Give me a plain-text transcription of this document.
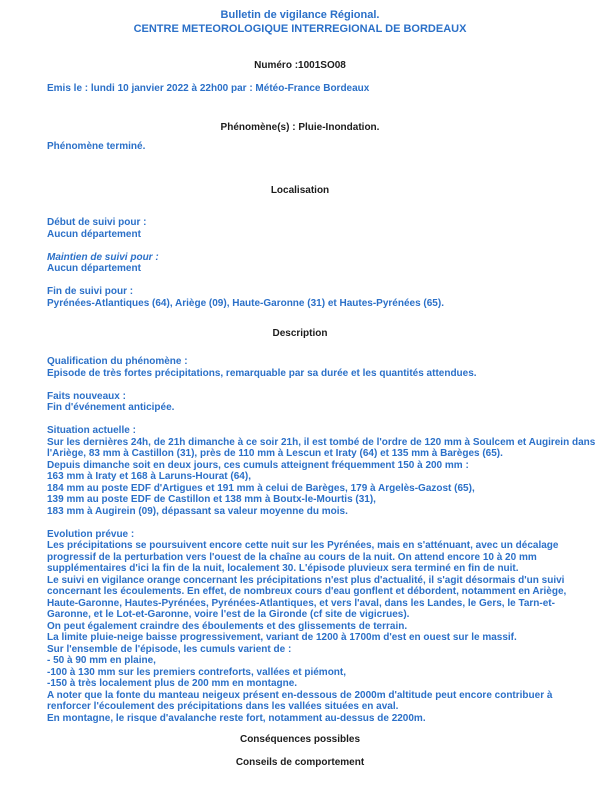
Bulletin de vigilance Régional.
CENTRE METEOROLOGIQUE INTERREGIONAL DE BORDEAUX
Numéro :1001SO08
Emis le : lundi 10 janvier 2022 à 22h00 par : Météo-France Bordeaux
Phénomène(s) : Pluie-Inondation.
Phénomène terminé.
Localisation
Début de suivi pour :
Aucun département
Maintien de suivi pour :
Aucun département
Fin de suivi pour :
Pyrénées-Atlantiques (64), Ariège (09), Haute-Garonne (31) et Hautes-Pyrénées (65).
Description
Qualification du phénomène :
Episode de très fortes précipitations, remarquable par sa durée et les quantités attendues.
Faits nouveaux :
Fin d'événement anticipée.
Situation actuelle :
Sur les dernières 24h, de 21h dimanche à ce soir 21h, il est tombé de l'ordre de 120 mm à Soulcem et Augirein dans
l'Ariège, 83 mm à Castillon (31), près de 110 mm à Lescun et Iraty (64) et 135 mm à Barèges (65).
Depuis dimanche soit en deux jours, ces cumuls atteignent fréquemment 150 à 200 mm :
163 mm à Iraty et 168 à Laruns-Hourat (64),
184 mm au poste EDF d'Artigues et 191 mm à celui de Barèges, 179 à Argelès-Gazost (65),
139 mm au poste EDF de Castillon et 138 mm à Boutx-le-Mourtis (31),
183 mm à Augirein (09), dépassant sa valeur moyenne du mois.
Evolution prévue :
Les précipitations se poursuivent encore cette nuit sur les Pyrénées, mais en s'atténuant, avec un décalage
progressif de la perturbation vers l'ouest de la chaîne au cours de la nuit. On attend encore 10 à 20 mm
supplémentaires d'ici la fin de la nuit, localement 30. L'épisode pluvieux sera terminé en fin de nuit.
Le suivi en vigilance orange concernant les précipitations n'est plus d'actualité, il s'agit désormais d'un suivi
concernant les écoulements. En effet, de nombreux cours d'eau gonflent et débordent, notamment en Ariège,
Haute-Garonne, Hautes-Pyrénées, Pyrénées-Atlantiques, et vers l'aval, dans les Landes, le Gers, le Tarn-et-
Garonne, et le Lot-et-Garonne, voire l'est de la Gironde (cf site de vigicrues).
On peut également craindre des éboulements et des glissements de terrain.
La limite pluie-neige baisse progressivement, variant de 1200 à 1700m d'est en ouest sur le massif.
Sur l'ensemble de l'épisode, les cumuls varient de :
- 50 à 90 mm en plaine,
-100 à 130 mm sur les premiers contreforts, vallées et piémont,
-150 à très localement plus de 200 mm en montagne.
A noter que la fonte du manteau neigeux présent en-dessous de 2000m d'altitude peut encore contribuer à
renforcer l'écoulement des précipitations dans les vallées situées en aval.
En montagne, le risque d'avalanche reste fort, notamment au-dessus de 2200m.
Conséquences possibles
Conseils de comportement
